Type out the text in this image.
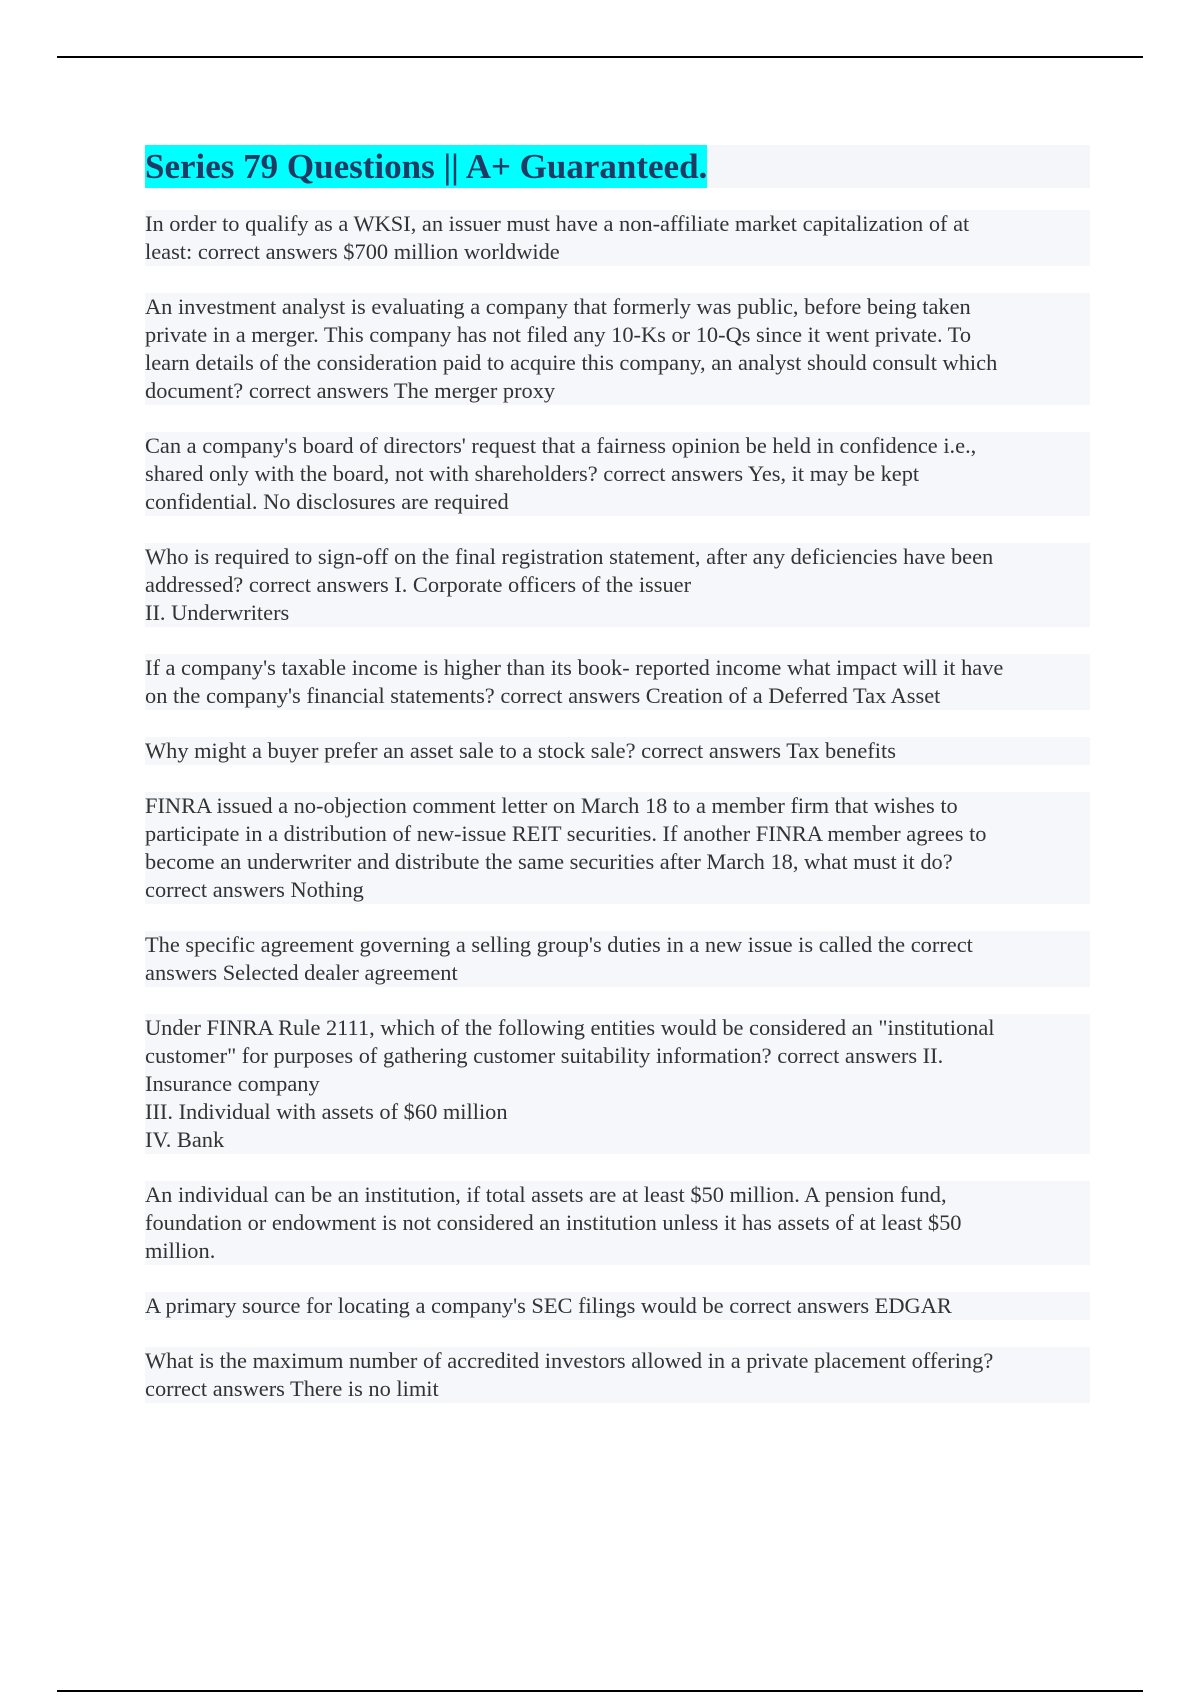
Series 79 Questions || A+ Guaranteed.
In order to qualify as a WKSI, an issuer must have a non-affiliate market capitalization of at
least: correct answers $700 million worldwide
An investment analyst is evaluating a company that formerly was public, before being taken
private in a merger. This company has not filed any 10-Ks or 10-Qs since it went private. To
learn details of the consideration paid to acquire this company, an analyst should consult which
document? correct answers The merger proxy
Can a company's board of directors' request that a fairness opinion be held in confidence i.e.,
shared only with the board, not with shareholders? correct answers Yes, it may be kept
confidential. No disclosures are required
Who is required to sign-off on the final registration statement, after any deficiencies have been
addressed? correct answers I. Corporate officers of the issuer
II. Underwriters
If a company's taxable income is higher than its book- reported income what impact will it have
on the company's financial statements? correct answers Creation of a Deferred Tax Asset
Why might a buyer prefer an asset sale to a stock sale? correct answers Tax benefits
FINRA issued a no-objection comment letter on March 18 to a member firm that wishes to
participate in a distribution of new-issue REIT securities. If another FINRA member agrees to
become an underwriter and distribute the same securities after March 18, what must it do?
correct answers Nothing
The specific agreement governing a selling group's duties in a new issue is called the correct
answers Selected dealer agreement
Under FINRA Rule 2111, which of the following entities would be considered an "institutional
customer" for purposes of gathering customer suitability information? correct answers II.
Insurance company
III. Individual with assets of $60 million
IV. Bank
An individual can be an institution, if total assets are at least $50 million. A pension fund,
foundation or endowment is not considered an institution unless it has assets of at least $50
million.
A primary source for locating a company's SEC filings would be correct answers EDGAR
What is the maximum number of accredited investors allowed in a private placement offering?
correct answers There is no limit
